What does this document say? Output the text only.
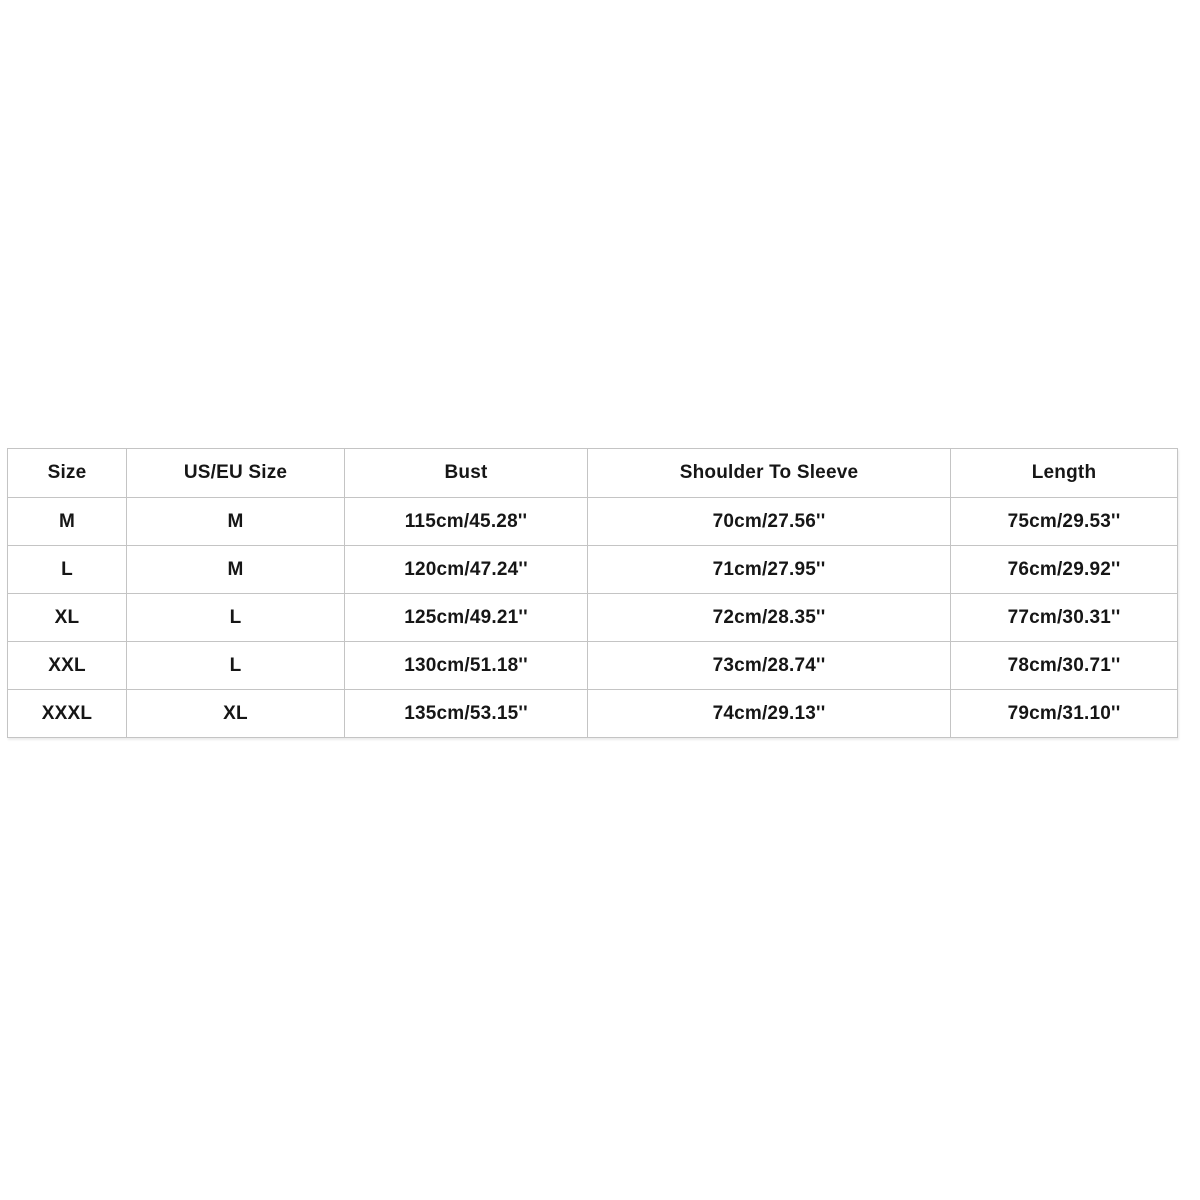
Size	US/EU Size	Bust	Shoulder To Sleeve	Length
M	M	115cm/45.28''	70cm/27.56''	75cm/29.53''
L	M	120cm/47.24''	71cm/27.95''	76cm/29.92''
XL	L	125cm/49.21''	72cm/28.35''	77cm/30.31''
XXL	L	130cm/51.18''	73cm/28.74''	78cm/30.71''
XXXL	XL	135cm/53.15''	74cm/29.13''	79cm/31.10''
